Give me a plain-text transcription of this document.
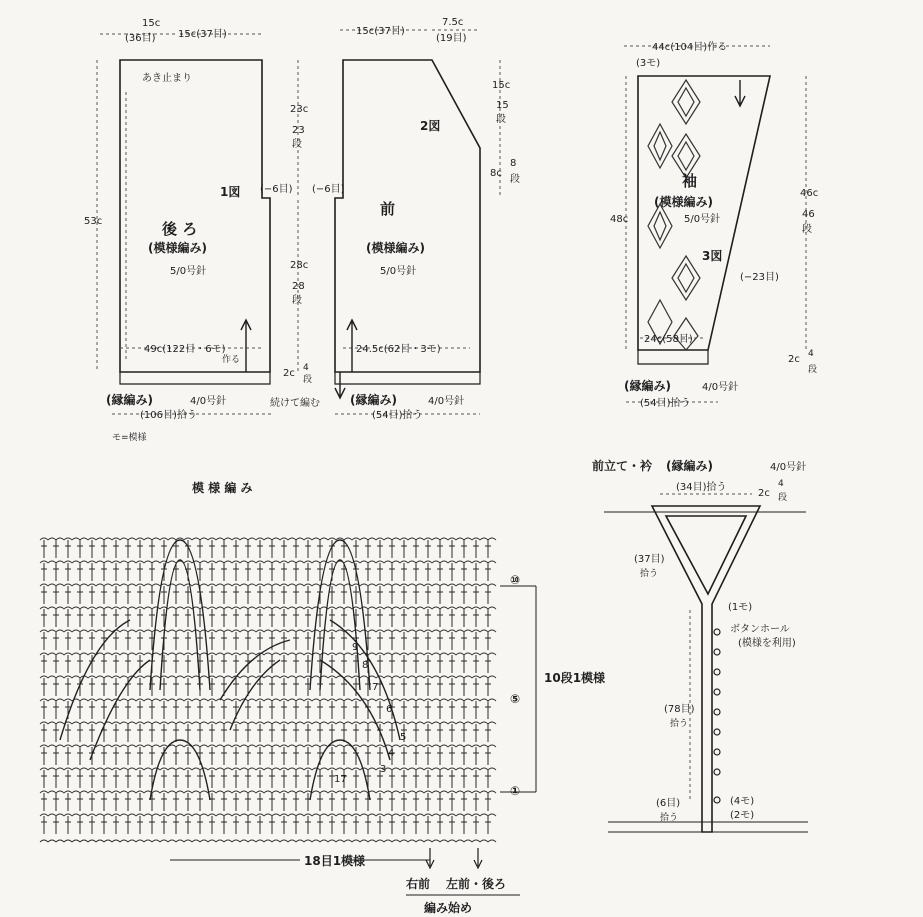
15c
(36目) 15c(37目)
あき止まり
53c
1図
後 ろ
(模様編み)
5/0号針
49c(122目・6モ)
作る
(−6目)
15c(37目)
7.5c
(19目)
2図
前
(模様編み)
5/0号針
24.5c(62目・3モ)
(−6目)
23c
23
段
28c
28
段
15c
15
段
8c
8
段
(縁編み)	4/0号針
(106目)拾う
モ=模様
続けて編む
2c 4
段
(縁編み)	4/0号針
(54目)拾う
44c(104目)作る
(3モ)
48c
46c
46
段
袖
(模様編み)
5/0号針
3図
(−23目)
24c(58目)
(縁編み)	4/0号針
(54目)拾う
2c 4
段
前立て・衿 (縁編み)	4/0号針
(34目)拾う
2c
4
段
(37目)
拾う
(1モ)
ボタンホール
(模様を利用)
(78目)
拾う
(6目)
拾う
(4モ)
(2モ)
模 様 編 み
⑩
⑤
①
10段1模様
9
8
7
6
5
4
3
17
18目1模様
右前 左前・後ろ
編み始め
